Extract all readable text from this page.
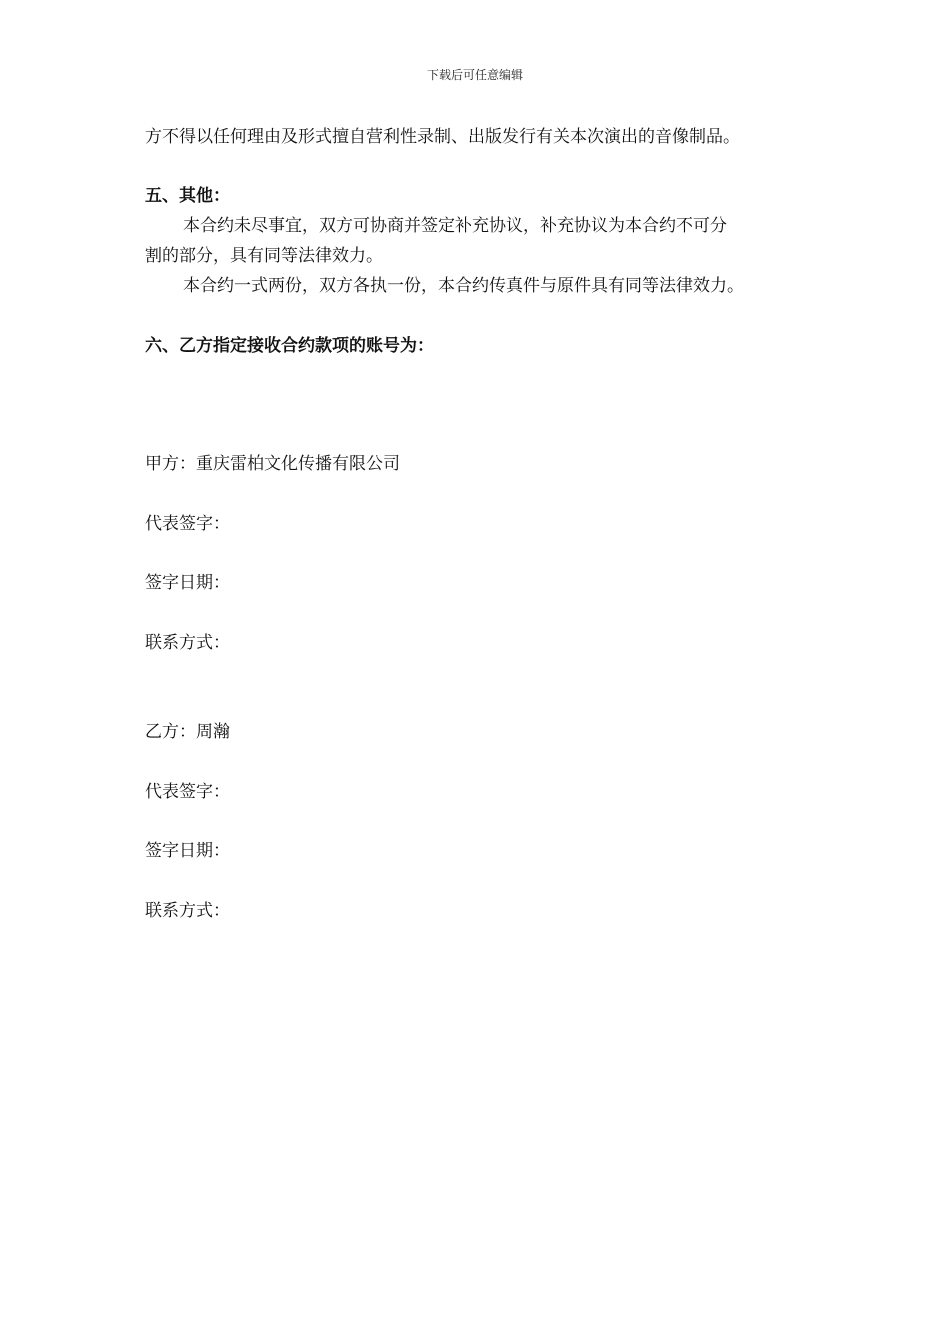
下载后可任意编辑
方不得以任何理由及形式擅自营利性录制、出版发行有关本次演出的音像制品。
五、其他：
本合约未尽事宜，双方可协商并签定补充协议，补充协议为本合约不可分
割的部分，具有同等法律效力。
本合约一式两份，双方各执一份，本合约传真件与原件具有同等法律效力。
六、乙方指定接收合约款项的账号为：
甲方：重庆雷柏文化传播有限公司
代表签字：
签字日期：
联系方式：
乙方：周瀚
代表签字：
签字日期：
联系方式：
